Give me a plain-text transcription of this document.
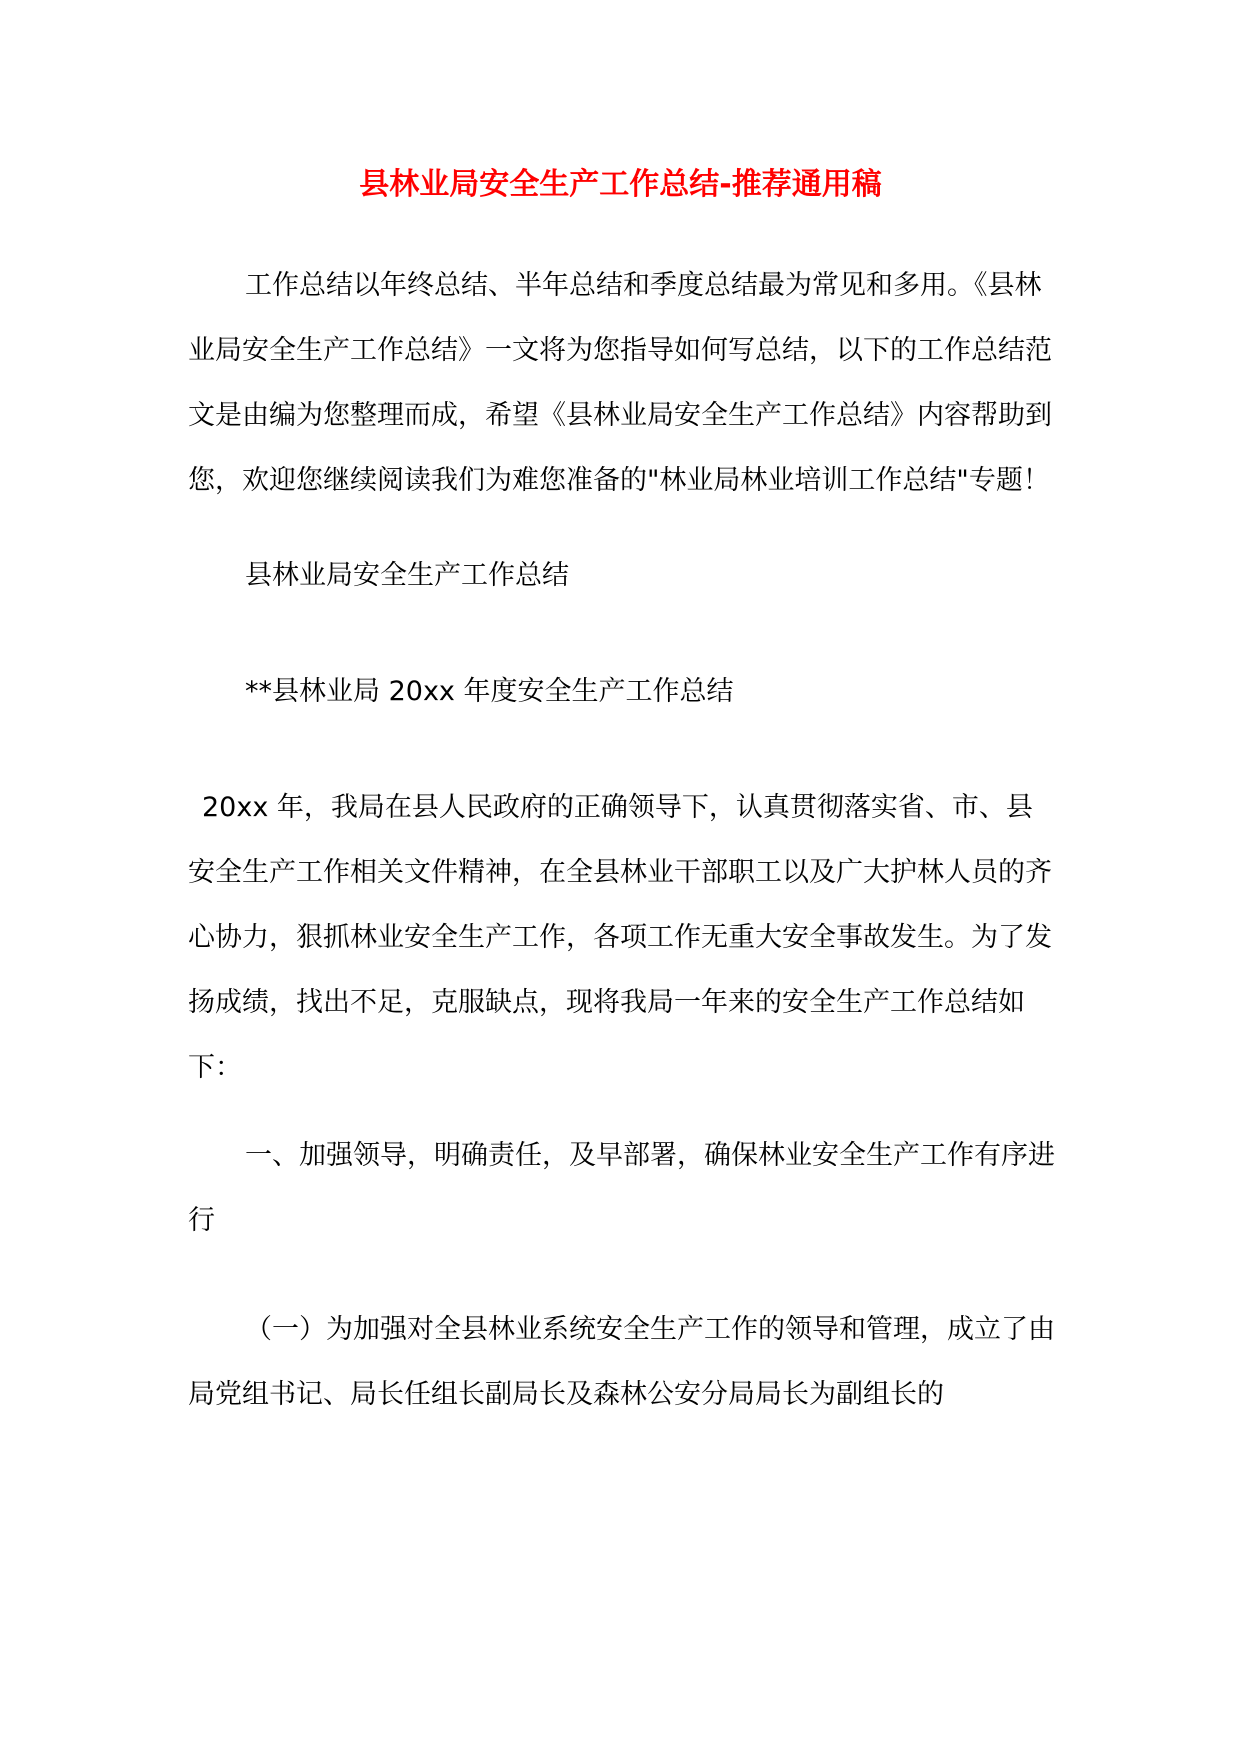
县林业局安全生产工作总结-推荐通用稿

工作总结以年终总结、半年总结和季度总结最为常见和多用。《县林业局安全生产工作总结》一文将为您指导如何写总结，以下的工作总结范文是由编为您整理而成，希望《县林业局安全生产工作总结》内容帮助到您，欢迎您继续阅读我们为难您准备的"林业局林业培训工作总结"专题！

县林业局安全生产工作总结

**县林业局 20xx 年度安全生产工作总结

20xx 年，我局在县人民政府的正确领导下，认真贯彻落实省、市、县安全生产工作相关文件精神，在全县林业干部职工以及广大护林人员的齐心协力，狠抓林业安全生产工作，各项工作无重大安全事故发生。为了发扬成绩，找出不足，克服缺点，现将我局一年来的安全生产工作总结如下：

一、加强领导，明确责任，及早部署，确保林业安全生产工作有序进行

（一）为加强对全县林业系统安全生产工作的领导和管理，成立了由局党组书记、局长任组长副局长及森林公安分局局长为副组长的
